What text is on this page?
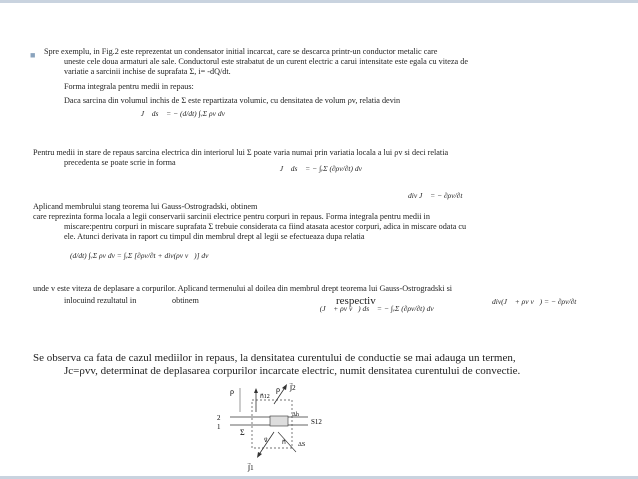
■ Spre exemplu, in Fig.2 este reprezentat un condensator initial incarcat, care se descarca printr-un conductor metalic care
uneste cele doua armaturi ale sale. Conductorul este strabatut de un curent electric a carui intensitate este egala cu viteza de
variatie a sarcinii inchise de suprafata Σ, i= -dQ/dt.
Forma integrala pentru medii in repaus:
Daca sarcina din volumul inchis de Σ este repartizata volumic, cu densitatea de volum ρv, relatia devin
∮ J⃗ ds⃗ = − (d/dt) ∫ᵥΣ ρv dv
Pentru medii in stare de repaus sarcina electrica din interiorul lui Σ poate varia numai prin variatia locala a lui ρv si deci relatia
precedenta se poate scrie in forma
∮ J⃗ ds⃗ = − ∫ᵥΣ (∂ρv/∂t) dv
div J⃗ = − ∂ρv/∂t
Aplicand membrului stang teorema lui Gauss-Ostrogradski, obtinem
care reprezinta forma locala a legii conservarii sarcinii electrice pentru corpuri in repaus. Forma integrala pentru medii in
miscare:pentru corpuri in miscare suprafata Σ trebuie considerata ca fiind atasata acestor corpuri, adica in miscare odata cu
ele. Atunci derivata in raport cu timpul din membrul drept al legii se efectueaza dupa relatia
(d/dt) ∫ᵥΣ ρv dv = ∫ᵥΣ [∂ρv/∂t + div(ρv v⃗)] dv
unde v este viteza de deplasare a corpurilor. Aplicand termenului al doilea din membrul drept teorema lui Gauss-Ostrogradski si
inlocuind rezultatul in	obtinem	respectiv
∮ (J⃗ + ρv v⃗) ds⃗ = − ∫ᵥΣ (∂ρv/∂t) dv
div(J⃗ + ρv v⃗) = − ∂ρv/∂t
Se observa ca fata de cazul mediilor in repaus, la densitatea curentului de conductie se mai adauga un termen,
Jc=ρvv, determinat de deplasarea corpurilor incarcate electric, numit densitatea curentului de convectie.
ρ	ρ J⃗2
n⃗12
2
1
Σ
S12
Δh
ΔS
v⃗ n⃗
J⃗1
